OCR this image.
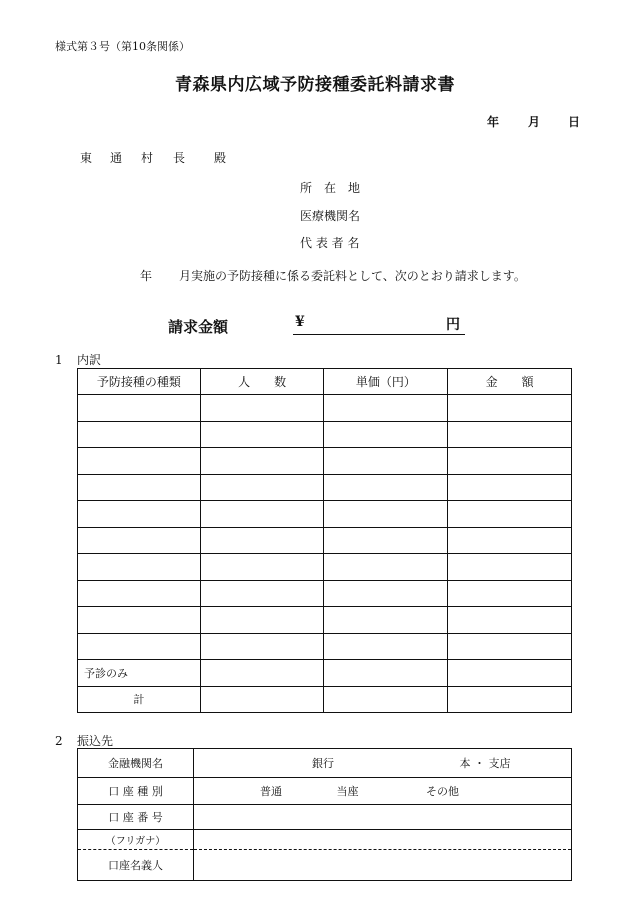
様式第３号（第10条関係）
青森県内広域予防接種委託料請求書
年 月 日
東 通 村 長 殿
所　在　地
医療機関名
代 表 者 名
年 月実施の予防接種に係る委託料として、次のとおり請求します。
請求金額	¥	円
1 内訳
予防接種の種類	人　　数	単価（円）	金　　額

予診のみ			
計			
2 振込先
金融機関名	銀行 本 ・ 支店
口 座 種 別	普通 当座 その他
口 座 番 号	
（フリガナ）	
口座名義人	
